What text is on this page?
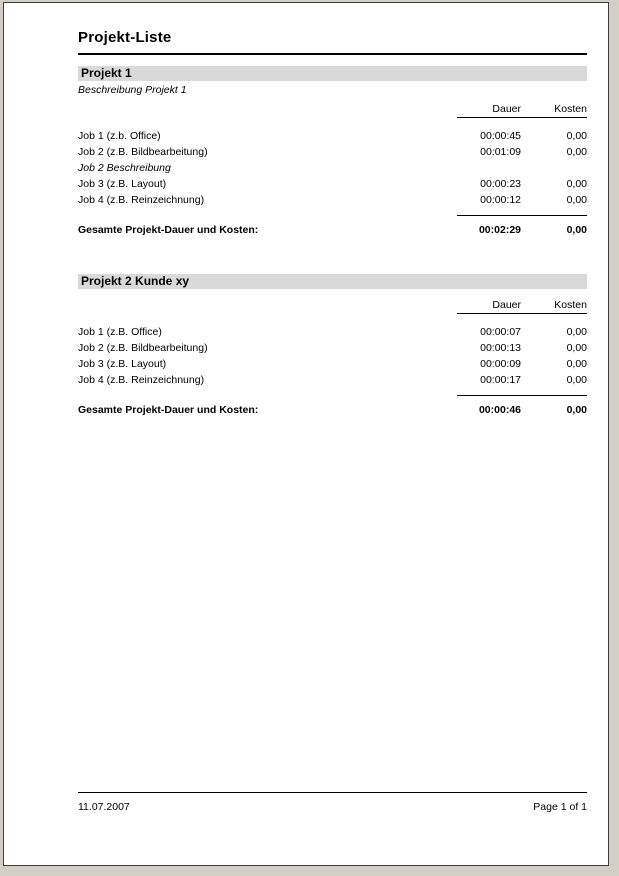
Projekt-Liste
Projekt 1
Beschreibung Projekt 1
Dauer	Kosten
Job 1 (z.b. Office)	00:00:45	0,00
Job 2 (z.B. Bildbearbeitung)	00:01:09	0,00
Job 2 Beschreibung
Job 3 (z.B. Layout)	00:00:23	0,00
Job 4 (z.B. Reinzeichnung)	00:00:12	0,00
Gesamte Projekt-Dauer und Kosten:	00:02:29	0,00
Projekt 2 Kunde xy
Dauer	Kosten
Job 1 (z.B. Office)	00:00:07	0,00
Job 2 (z.B. Bildbearbeitung)	00:00:13	0,00
Job 3 (z.B. Layout)	00:00:09	0,00
Job 4 (z.B. Reinzeichnung)	00:00:17	0,00
Gesamte Projekt-Dauer und Kosten:	00:00:46	0,00
11.07.2007	Page 1 of 1
